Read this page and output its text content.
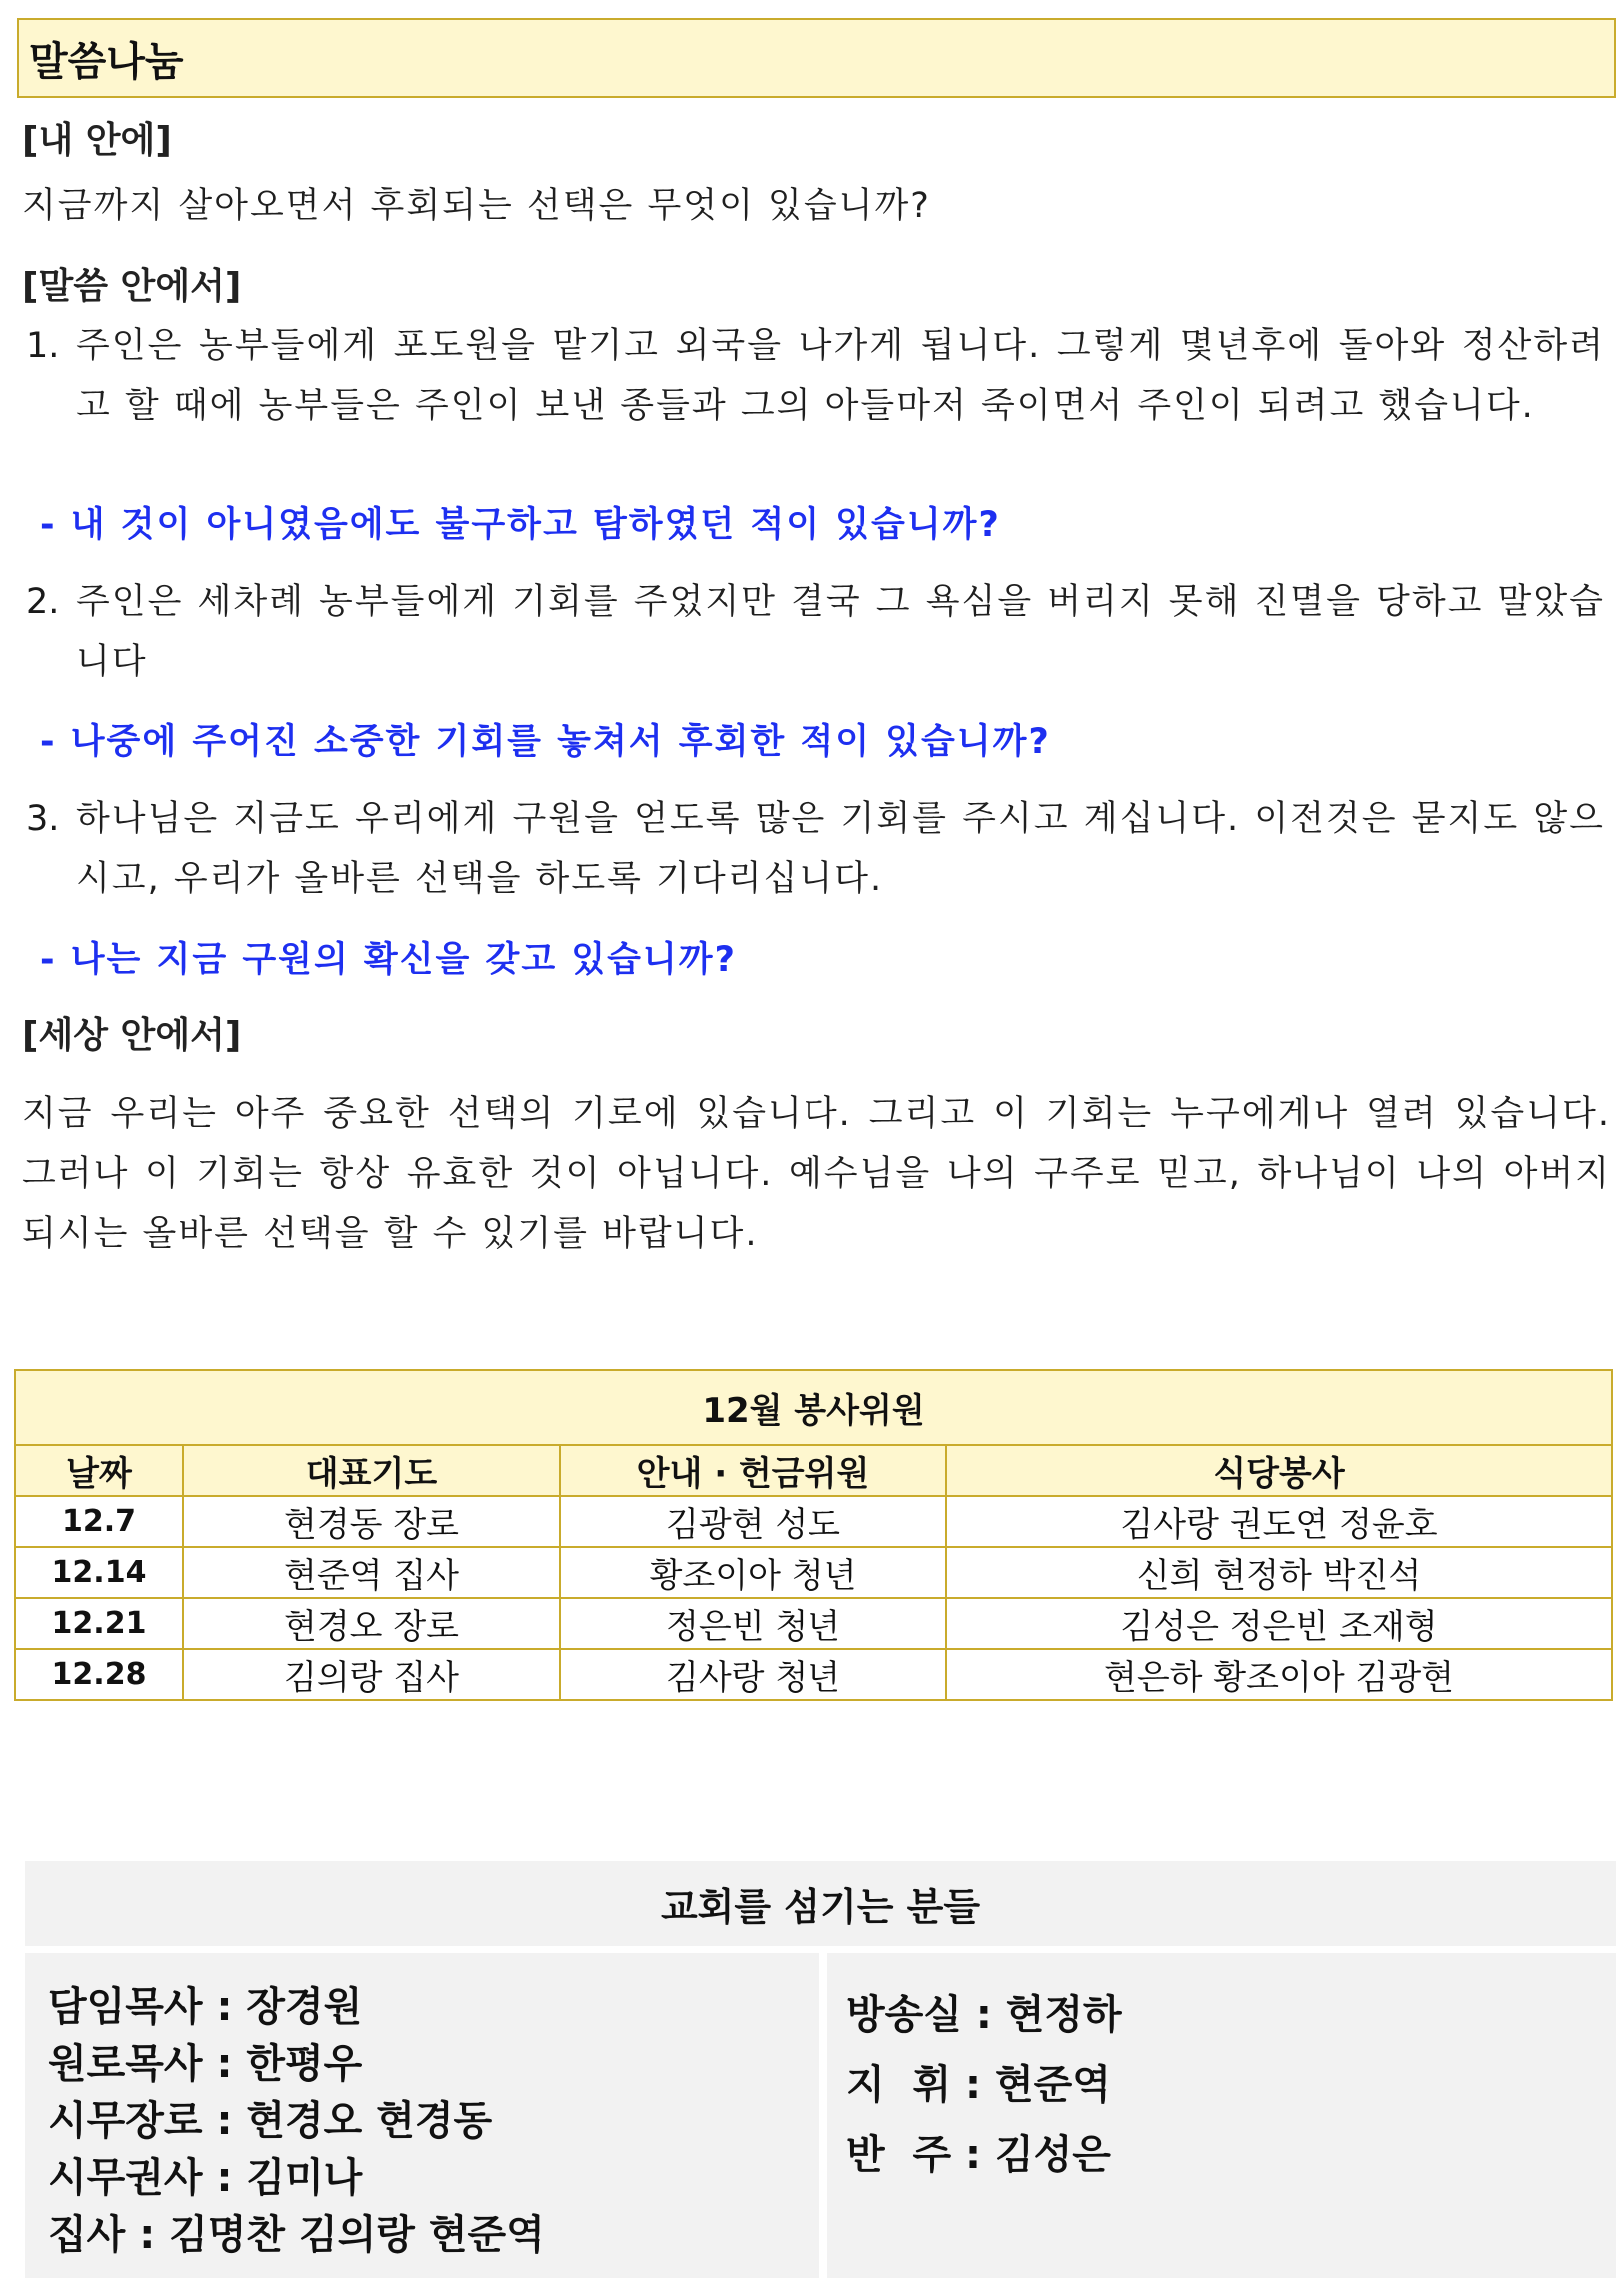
말씀나눔
[내 안에]
지금까지 살아오면서 후회되는 선택은 무엇이 있습니까?
[말씀 안에서]
1. 주인은 농부들에게 포도원을 맡기고 외국을 나가게 됩니다. 그렇게 몇년후에 돌아와 정산하려고 할 때에 농부들은 주인이 보낸 종들과 그의 아들마저 죽이면서 주인이 되려고 했습니다.
- 내 것이 아니였음에도 불구하고 탐하였던 적이 있습니까?
2. 주인은 세차례 농부들에게 기회를 주었지만 결국 그 욕심을 버리지 못해 진멸을 당하고 말았습니다
- 나중에 주어진 소중한 기회를 놓쳐서 후회한 적이 있습니까?
3. 하나님은 지금도 우리에게 구원을 얻도록 많은 기회를 주시고 계십니다. 이전것은 묻지도 않으시고, 우리가 올바른 선택을 하도록 기다리십니다.
- 나는 지금 구원의 확신을 갖고 있습니까?
[세상 안에서]
지금 우리는 아주 중요한 선택의 기로에 있습니다. 그리고 이 기회는 누구에게나 열려 있습니다. 그러나 이 기회는 항상 유효한 것이 아닙니다. 예수님을 나의 구주로 믿고, 하나님이 나의 아버지되시는 올바른 선택을 할 수 있기를 바랍니다.
12월 봉사위원			
날짜	대표기도	안내 · 헌금위원	식당봉사
12.7	현경동 장로	김광현 성도	김사랑 권도연 정윤호
12.14	현준역 집사	황조이아 청년	신희 현정하 박진석
12.21	현경오 장로	정은빈 청년	김성은 정은빈 조재형
12.28	김의랑 집사	김사랑 청년	현은하 황조이아 김광현
교회를 섬기는 분들
담임목사 : 장경원
원로목사 : 한평우
시무장로 : 현경오 현경동
시무권사 : 김미나
집사 : 김명찬 김의랑 현준역
방송실 : 현정하
지  휘 : 현준역
반  주 : 김성은
